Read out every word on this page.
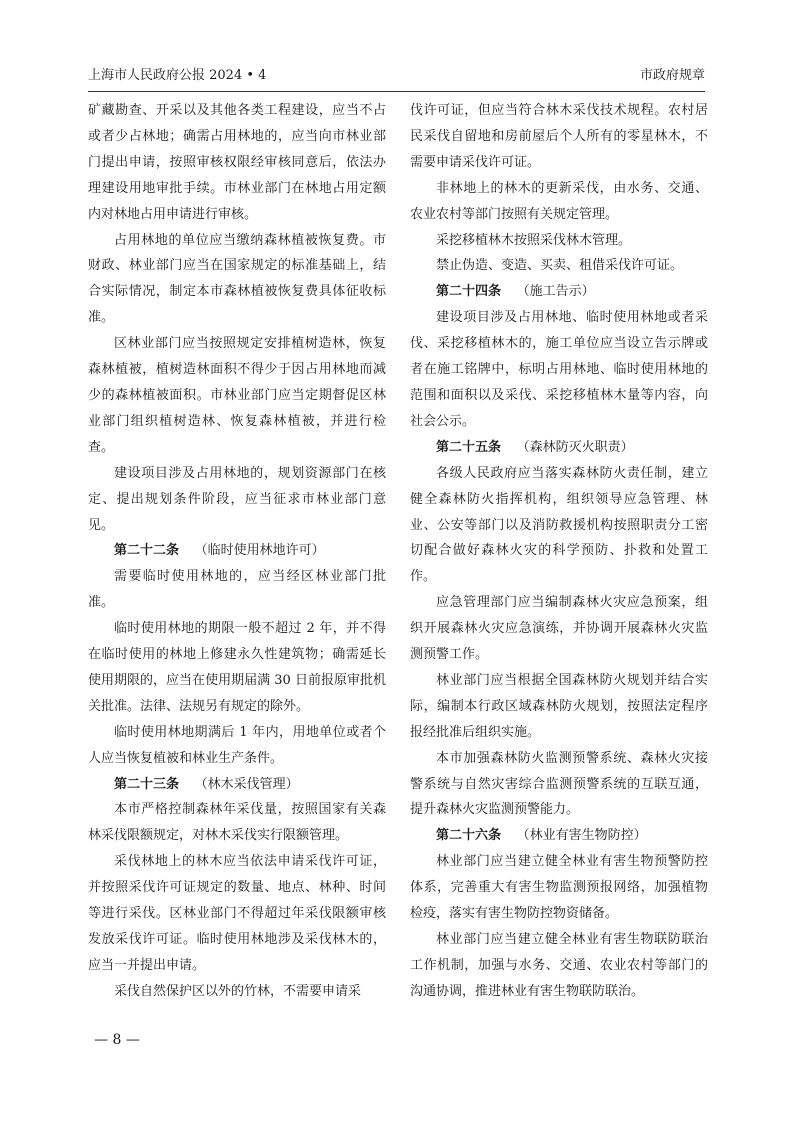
上海市人民政府公报 2024 • 4	市政府规章

矿藏勘查、开采以及其他各类工程建设，应当不占或者少占林地；确需占用林地的，应当向市林业部门提出申请，按照审核权限经审核同意后，依法办理建设用地审批手续。市林业部门在林地占用定额内对林地占用申请进行审核。

占用林地的单位应当缴纳森林植被恢复费。市财政、林业部门应当在国家规定的标准基础上，结合实际情况，制定本市森林植被恢复费具体征收标准。

区林业部门应当按照规定安排植树造林，恢复森林植被，植树造林面积不得少于因占用林地而减少的森林植被面积。市林业部门应当定期督促区林业部门组织植树造林、恢复森林植被，并进行检查。

建设项目涉及占用林地的，规划资源部门在核定、提出规划条件阶段，应当征求市林业部门意见。

第二十二条 （临时使用林地许可）

需要临时使用林地的，应当经区林业部门批准。

临时使用林地的期限一般不超过 2 年，并不得在临时使用的林地上修建永久性建筑物；确需延长使用期限的，应当在使用期届满 30 日前报原审批机关批准。法律、法规另有规定的除外。

临时使用林地期满后 1 年内，用地单位或者个人应当恢复植被和林业生产条件。

第二十三条 （林木采伐管理）

本市严格控制森林年采伐量，按照国家有关森林采伐限额规定，对林木采伐实行限额管理。

采伐林地上的林木应当依法申请采伐许可证，并按照采伐许可证规定的数量、地点、林种、时间等进行采伐。区林业部门不得超过年采伐限额审核发放采伐许可证。临时使用林地涉及采伐林木的，应当一并提出申请。

采伐自然保护区以外的竹林，不需要申请采

伐许可证，但应当符合林木采伐技术规程。农村居民采伐自留地和房前屋后个人所有的零星林木，不需要申请采伐许可证。

非林地上的林木的更新采伐，由水务、交通、农业农村等部门按照有关规定管理。

采挖移植林木按照采伐林木管理。

禁止伪造、变造、买卖、租借采伐许可证。

第二十四条 （施工告示）

建设项目涉及占用林地、临时使用林地或者采伐、采挖移植林木的，施工单位应当设立告示牌或者在施工铭牌中，标明占用林地、临时使用林地的范围和面积以及采伐、采挖移植林木量等内容，向社会公示。

第二十五条 （森林防灭火职责）

各级人民政府应当落实森林防火责任制，建立健全森林防火指挥机构，组织领导应急管理、林业、公安等部门以及消防救援机构按照职责分工密切配合做好森林火灾的科学预防、扑救和处置工作。

应急管理部门应当编制森林火灾应急预案，组织开展森林火灾应急演练，并协调开展森林火灾监测预警工作。

林业部门应当根据全国森林防火规划并结合实际，编制本行政区域森林防火规划，按照法定程序报经批准后组织实施。

本市加强森林防火监测预警系统、森林火灾接警系统与自然灾害综合监测预警系统的互联互通，提升森林火灾监测预警能力。

第二十六条 （林业有害生物防控）

林业部门应当建立健全林业有害生物预警防控体系，完善重大有害生物监测预报网络，加强植物检疫，落实有害生物防控物资储备。

林业部门应当建立健全林业有害生物联防联治工作机制，加强与水务、交通、农业农村等部门的沟通协调，推进林业有害生物联防联治。

— 8 —
